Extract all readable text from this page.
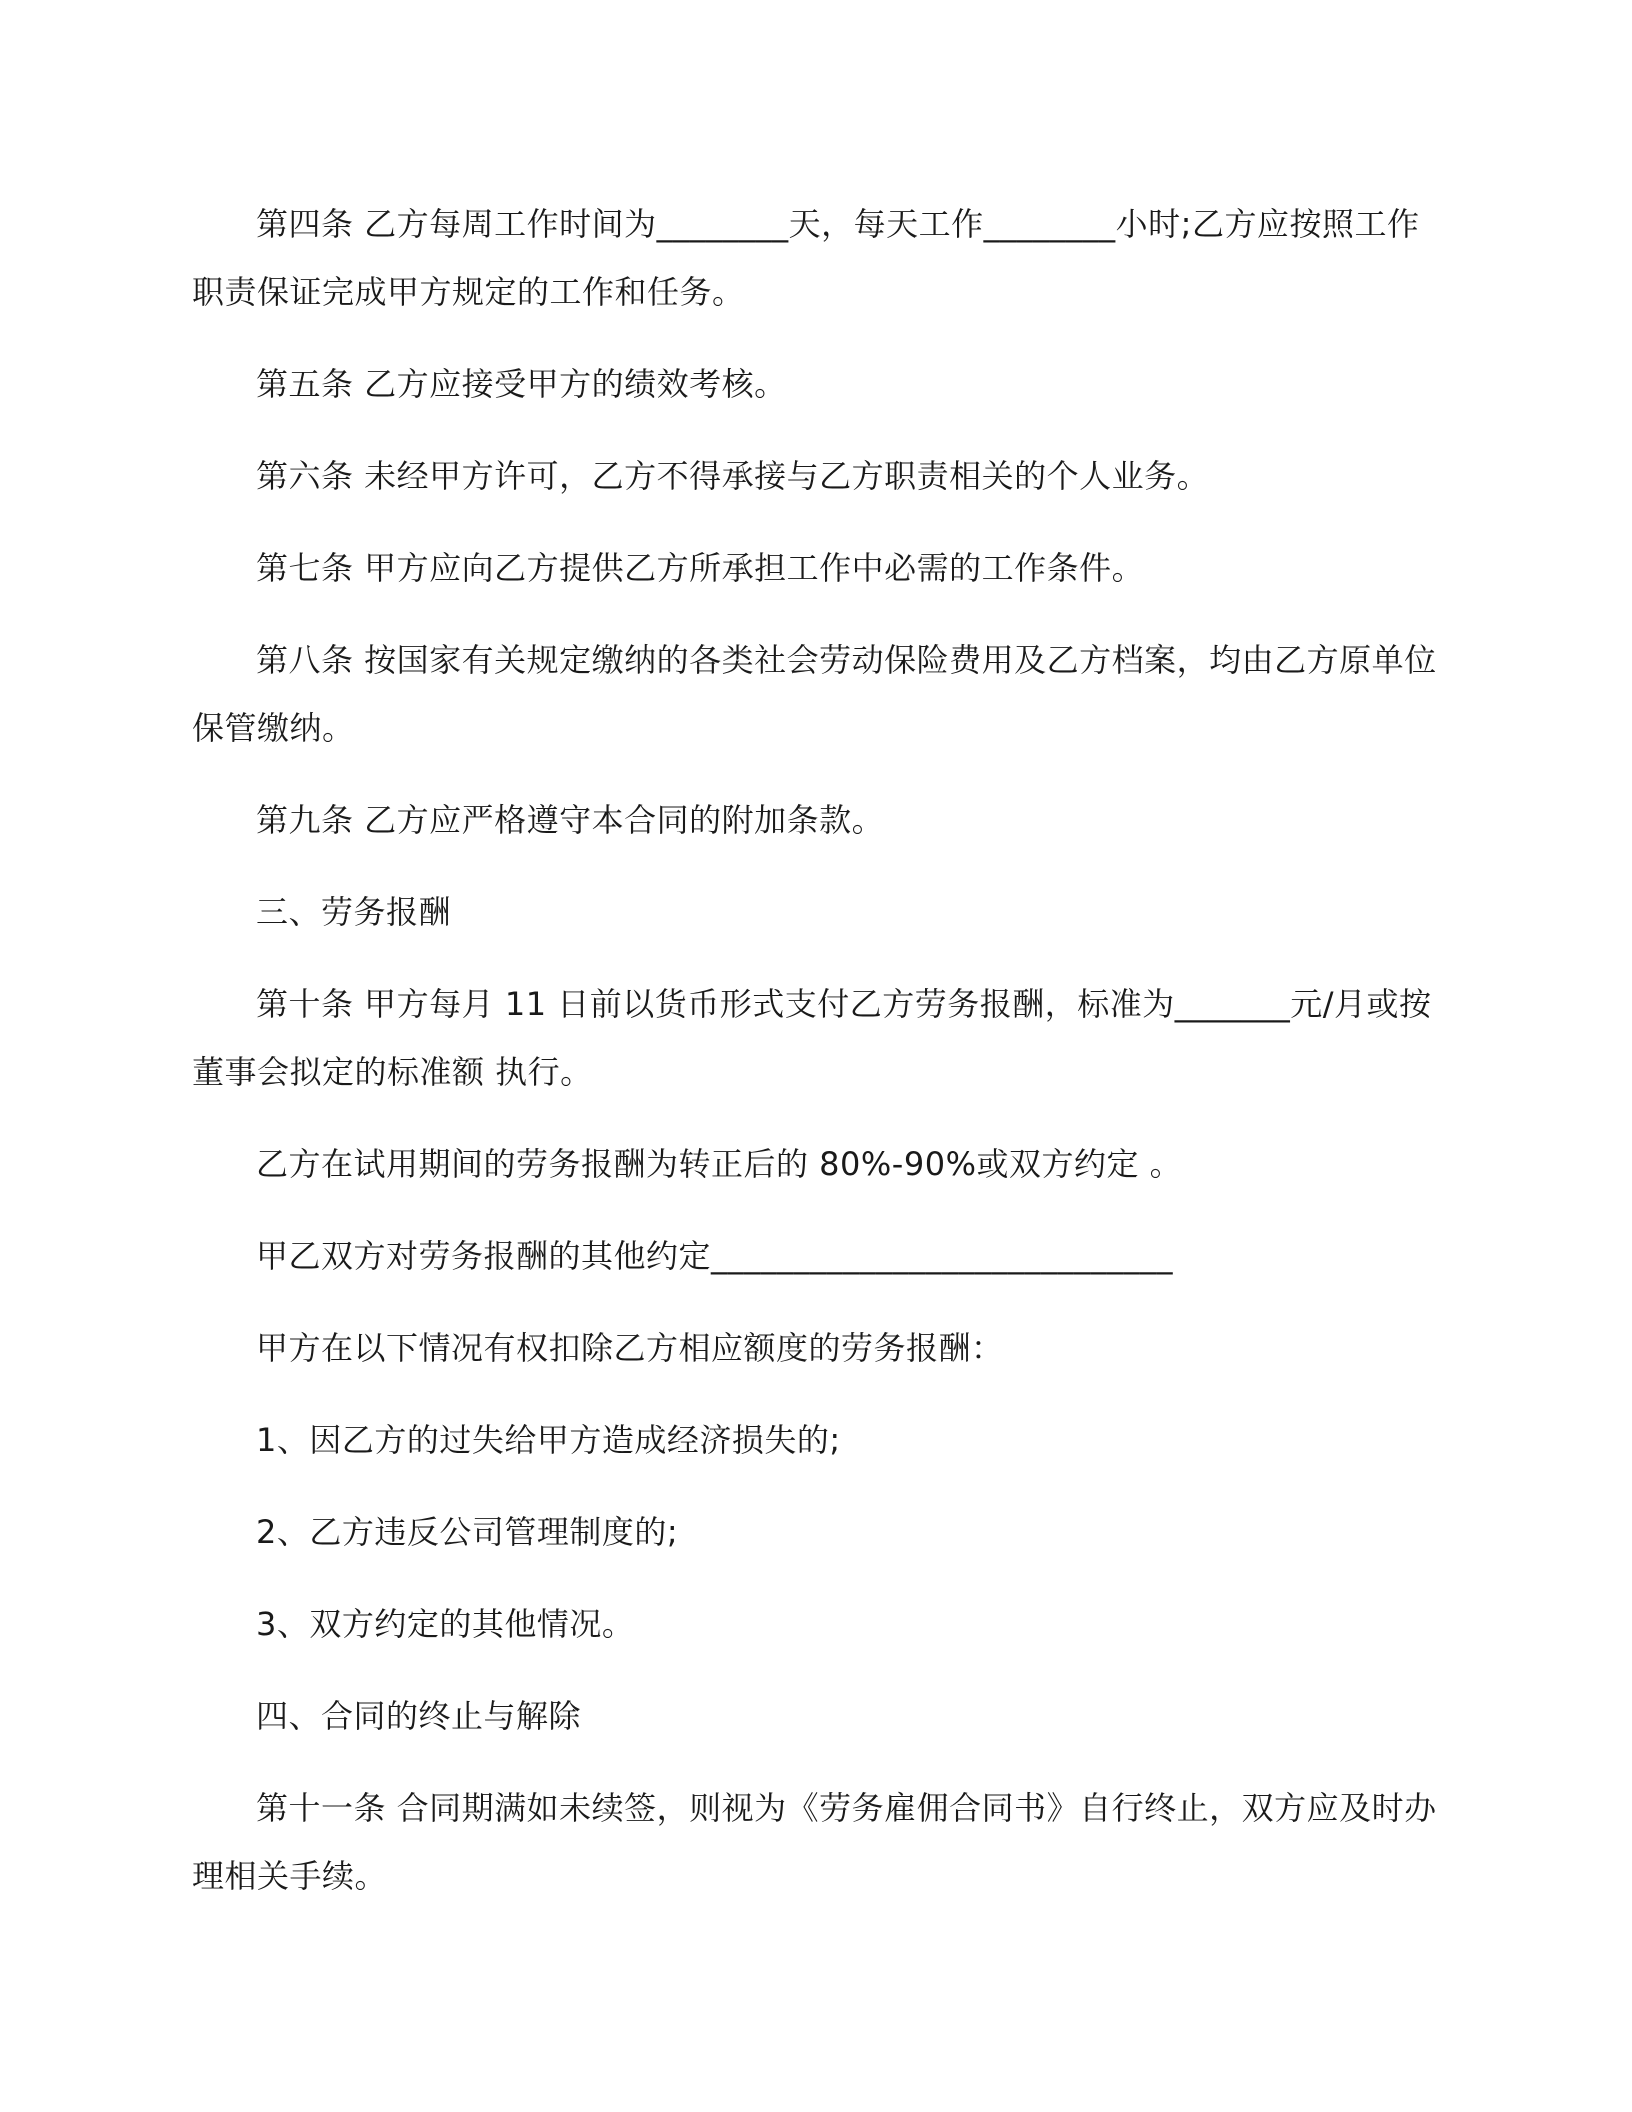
第四条 乙方每周工作时间为________天，每天工作________小时;乙方应按照工作职责保证完成甲方规定的工作和任务。

第五条 乙方应接受甲方的绩效考核。

第六条 未经甲方许可，乙方不得承接与乙方职责相关的个人业务。

第七条 甲方应向乙方提供乙方所承担工作中必需的工作条件。

第八条 按国家有关规定缴纳的各类社会劳动保险费用及乙方档案，均由乙方原单位保管缴纳。

第九条 乙方应严格遵守本合同的附加条款。

三、劳务报酬

第十条 甲方每月 11 日前以货币形式支付乙方劳务报酬，标准为_______元/月或按董事会拟定的标准额 执行。

乙方在试用期间的劳务报酬为转正后的 80%-90%或双方约定 。

甲乙双方对劳务报酬的其他约定____________________________

甲方在以下情况有权扣除乙方相应额度的劳务报酬：

1、因乙方的过失给甲方造成经济损失的;

2、乙方违反公司管理制度的;

3、双方约定的其他情况。

四、合同的终止与解除

第十一条 合同期满如未续签，则视为《劳务雇佣合同书》自行终止，双方应及时办理相关手续。
